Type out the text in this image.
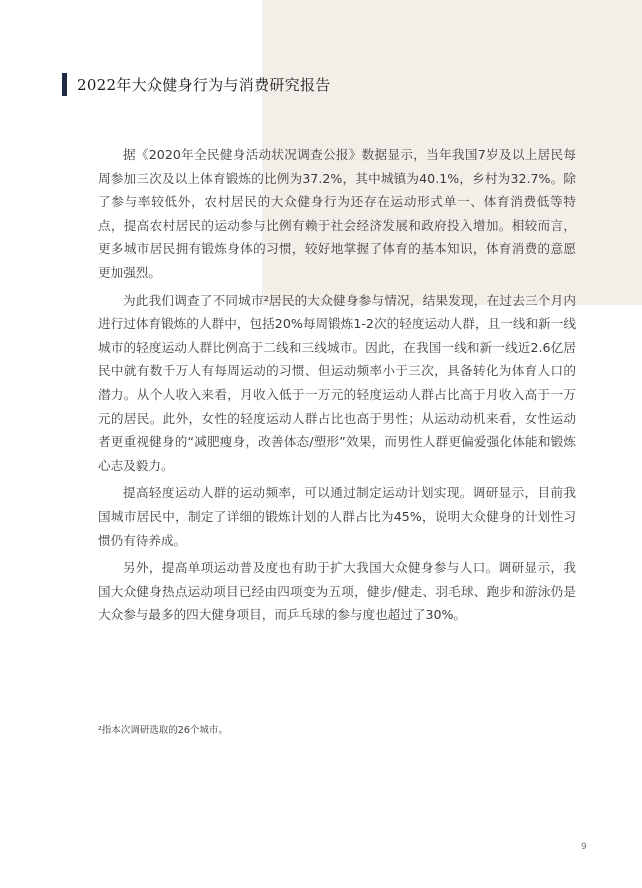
2022年大众健身行为与消费研究报告

据《2020年全民健身活动状况调查公报》数据显示，当年我国7岁及以上居民每周参加三次及以上体育锻炼的比例为37.2%，其中城镇为40.1%，乡村为32.7%。除了参与率较低外，农村居民的大众健身行为还存在运动形式单一、体育消费低等特点，提高农村居民的运动参与比例有赖于社会经济发展和政府投入增加。相较而言，更多城市居民拥有锻炼身体的习惯，较好地掌握了体育的基本知识，体育消费的意愿更加强烈。

为此我们调查了不同城市²居民的大众健身参与情况，结果发现，在过去三个月内进行过体育锻炼的人群中，包括20%每周锻炼1-2次的轻度运动人群，且一线和新一线城市的轻度运动人群比例高于二线和三线城市。因此，在我国一线和新一线近2.6亿居民中就有数千万人有每周运动的习惯、但运动频率小于三次，具备转化为体育人口的潜力。从个人收入来看，月收入低于一万元的轻度运动人群占比高于月收入高于一万元的居民。此外，女性的轻度运动人群占比也高于男性；从运动动机来看，女性运动者更重视健身的“减肥瘦身，改善体态/塑形”效果，而男性人群更偏爱强化体能和锻炼心志及毅力。

提高轻度运动人群的运动频率，可以通过制定运动计划实现。调研显示，目前我国城市居民中，制定了详细的锻炼计划的人群占比为45%，说明大众健身的计划性习惯仍有待养成。

另外，提高单项运动普及度也有助于扩大我国大众健身参与人口。调研显示，我国大众健身热点运动项目已经由四项变为五项，健步/健走、羽毛球、跑步和游泳仍是大众参与最多的四大健身项目，而乒乓球的参与度也超过了30%。

²指本次调研选取的26个城市。
9
